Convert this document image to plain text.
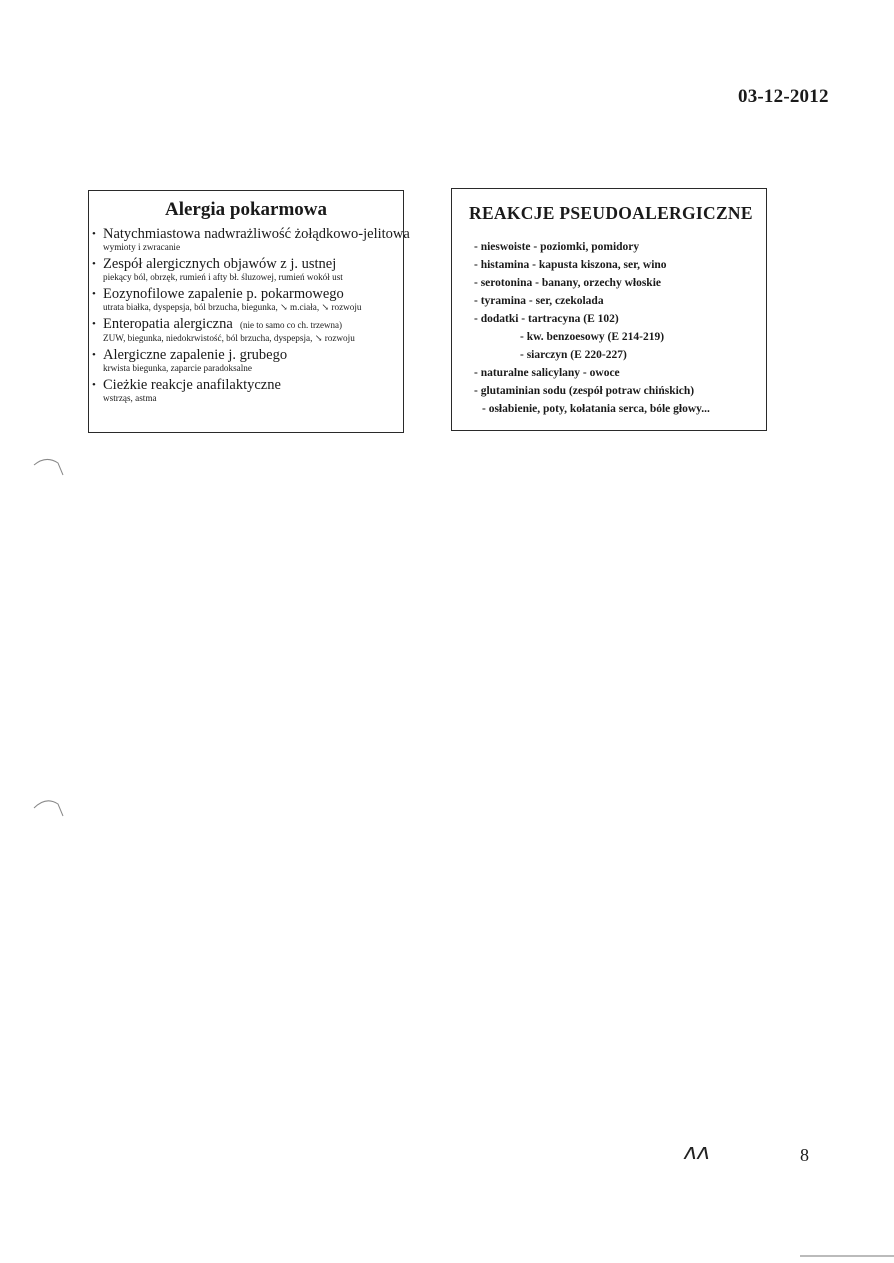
03-12-2012
Alergia pokarmowa
• Natychmiastowa nadwrażliwość żołądkowo-jelitowa
wymioty i zwracanie
• Zespół alergicznych objawów z j. ustnej
piekący ból, obrzęk, rumień i afty bł. śluzowej, rumień wokół ust
• Eozynofilowe zapalenie p. pokarmowego
utrata białka, dyspepsja, ból brzucha, biegunka, ↘ m.ciała, ↘ rozwoju
• Enteropatia alergiczna (nie to samo co ch. trzewna)
ZUW, biegunka, niedokrwistość, ból brzucha, dyspepsja, ↘ rozwoju
• Alergiczne zapalenie j. grubego
krwista biegunka, zaparcie paradoksalne
• Cieżkie reakcje anafilaktyczne
wstrząs, astma
REAKCJE PSEUDOALERGICZNE
- nieswoiste - poziomki, pomidory
- histamina - kapusta kiszona, ser, wino
- serotonina - banany, orzechy włoskie
- tyramina - ser, czekolada
- dodatki - tartracyna (E 102)
- kw. benzoesowy (E 214-219)
- siarczyn (E 220-227)
- naturalne salicylany - owoce
- glutaminian sodu (zespół potraw chińskich)
- osłabienie, poty, kołatania serca, bóle głowy...
ʌʌ	8
